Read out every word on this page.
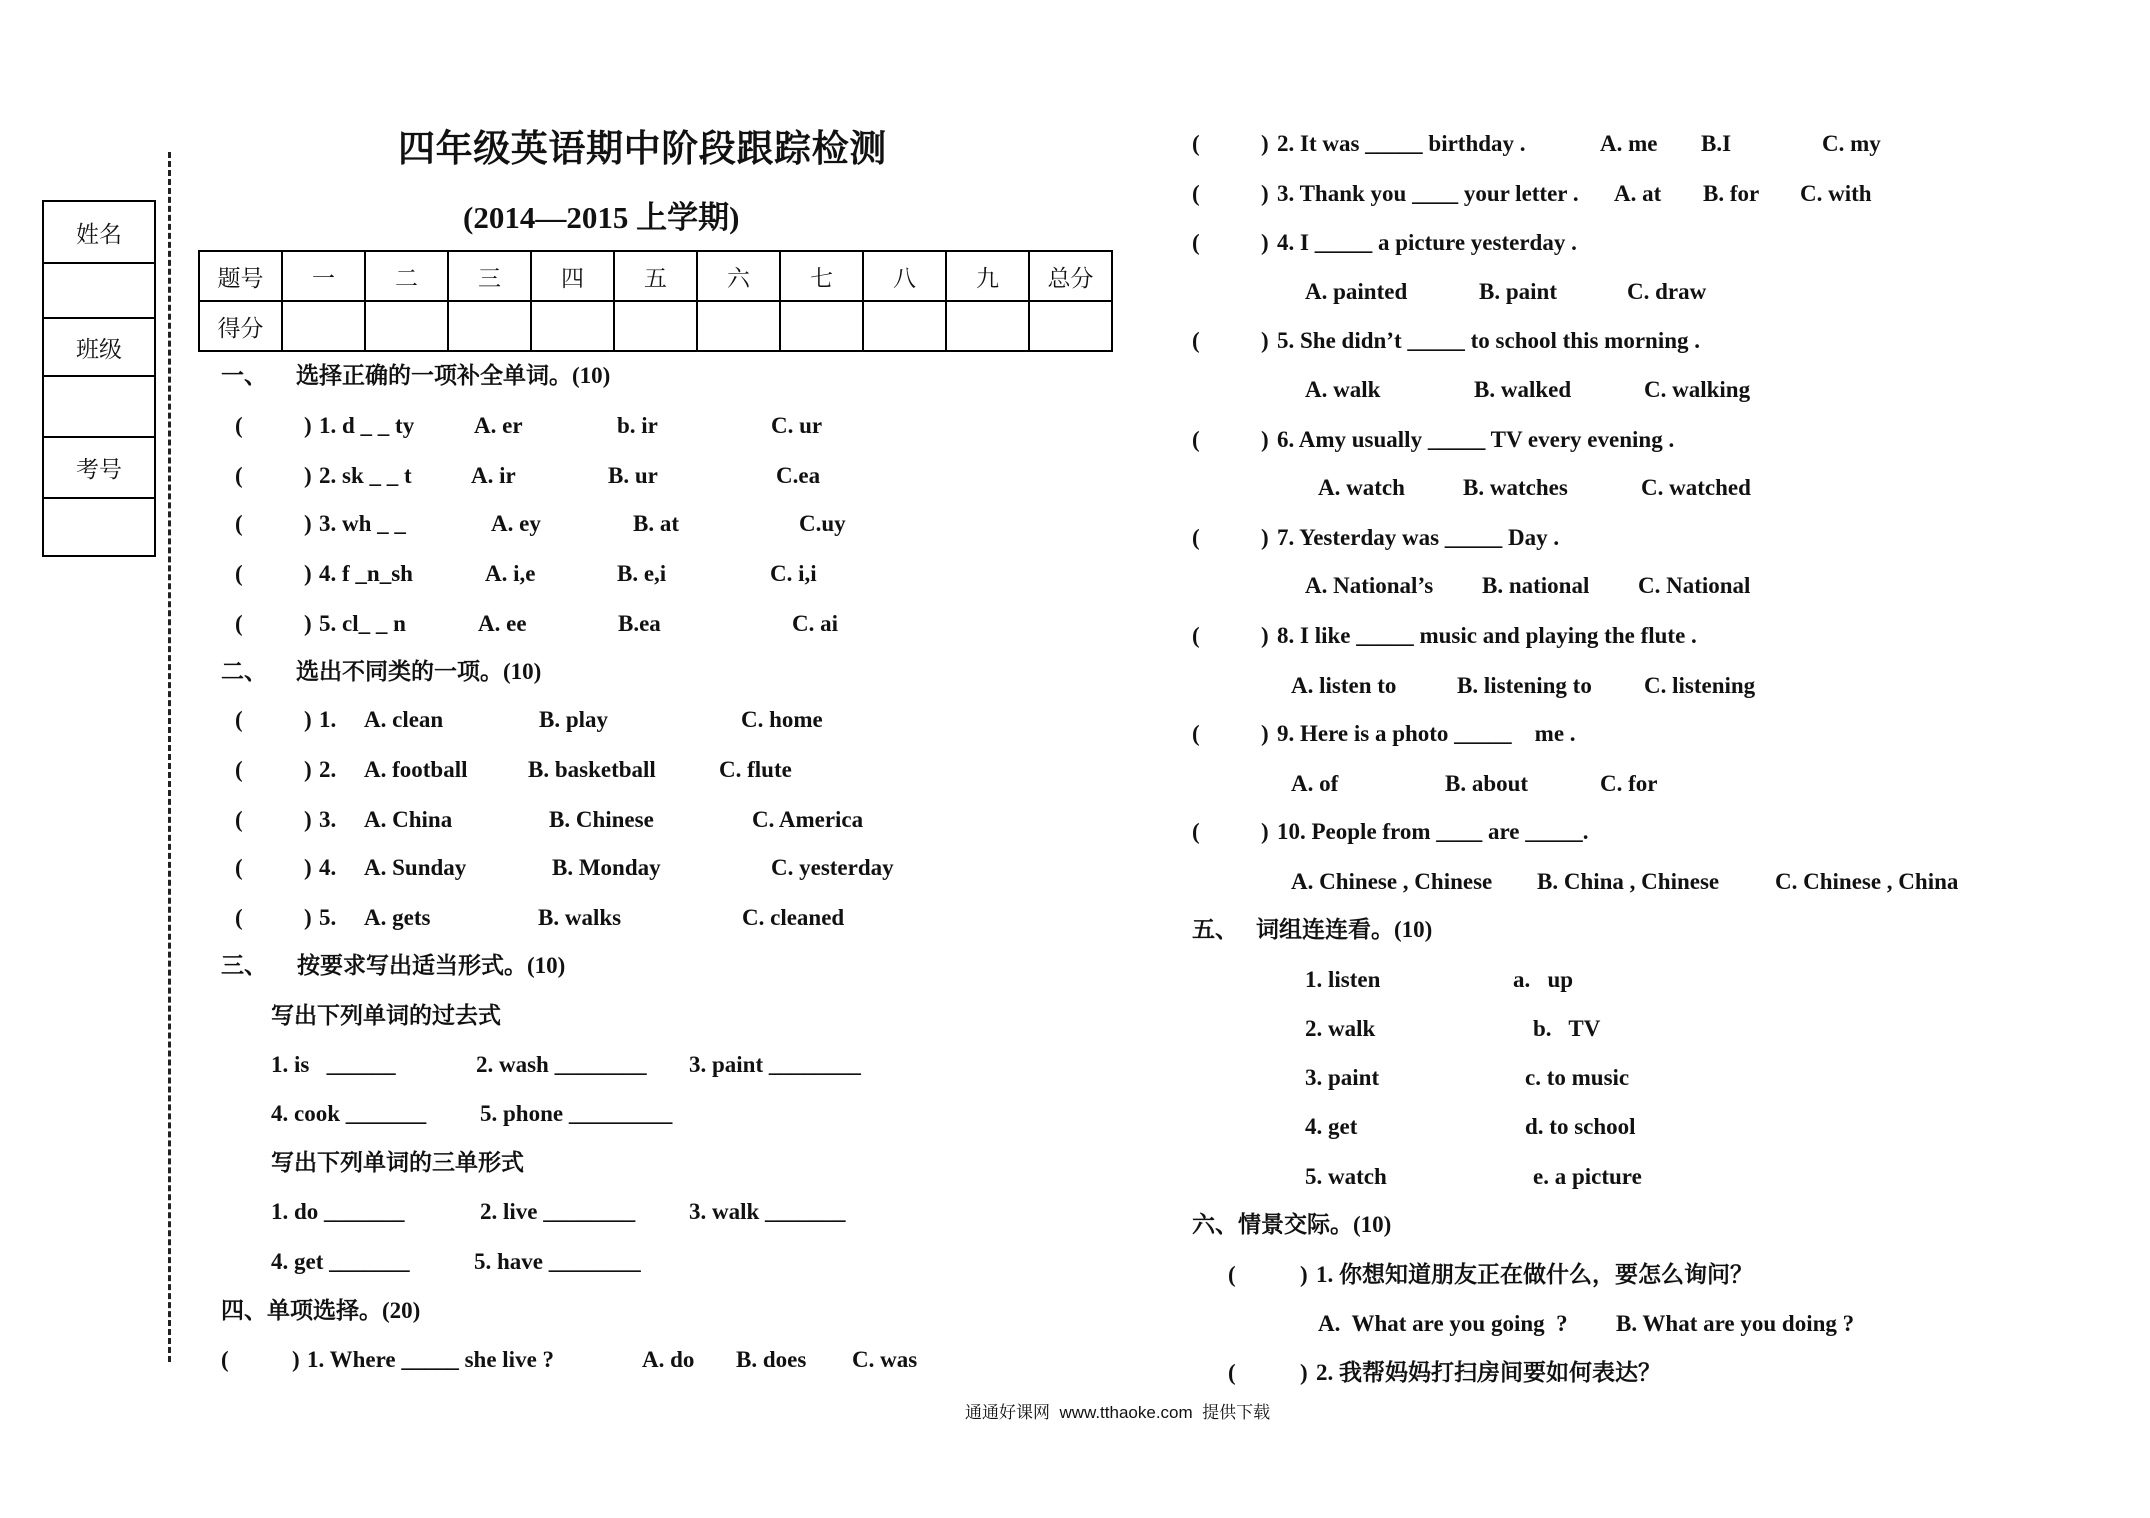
四年级英语期中阶段跟踪检测
(2014—2015 上学期)
姓名
班级
考号
题号	一	二	三	四	五	六	七	八	九	总分
得分										
一、 选择正确的一项补全单词。(10)
(	) 1. d _ _ ty	A. er	b. ir	C. ur
(	) 2. sk _ _ t	A. ir	B. ur	C.ea
(	) 3. wh _ _	A. ey	B. at	C.uy
(	) 4. f _n_sh	A. i,e	B. e,i	C. i,i
(	) 5. cl_ _ n	A. ee	B.ea	C. ai
二、 选出不同类的一项。(10)
(	) 1. A. clean	B. play	C. home
(	) 2. A. football	B. basketball	C. flute
(	) 3. A. China	B. Chinese	C. America
(	) 4. A. Sunday	B. Monday	C. yesterday
(	) 5. A. gets	B. walks	C. cleaned
三、 按要求写出适当形式。(10)
写出下列单词的过去式
1. is   ______	2. wash ________ 3. paint ________
4. cook _______ 5. phone _________
写出下列单词的三单形式
1. do _______	2. live ________ 3. walk _______
4. get _______	5. have ________
四、单项选择。(20)
(	) 1. Where _____ she live ?	A. do B. does C. was
(	) 2. It was _____ birthday .	A. me B.I	C. my
(	) 3. Thank you ____ your letter . A. at B. for C. with
(	) 4. I _____ a picture yesterday .
A. painted	B. paint	C. draw
(	) 5. She didn’t _____ to school this morning .
A. walk	B. walked	C. walking
(	) 6. Amy usually _____ TV every evening .
A. watch	B. watches	C. watched
(	) 7. Yesterday was _____ Day .
A. National’s B. national C. National
(	) 8. I like _____ music and playing the flute .
A. listen to	B. listening to C. listening
(	) 9. Here is a photo _____    me .
A. of	B. about	C. for
(	) 10. People from ____ are _____.
A. Chinese , Chinese B. China , Chinese C. Chinese , China
五、 词组连连看。(10)
1. listen	a.   up
2. walk	b.   TV
3. paint	c. to music
4. get	d. to school
5. watch	e. a picture
六、情景交际。(10)
(	) 1. 你想知道朋友正在做什么，要怎么询问？
A.  What are you going  ? B. What are you doing ?
(	) 2. 我帮妈妈打扫房间要如何表达？
通通好课网  www.tthaoke.com  提供下载
